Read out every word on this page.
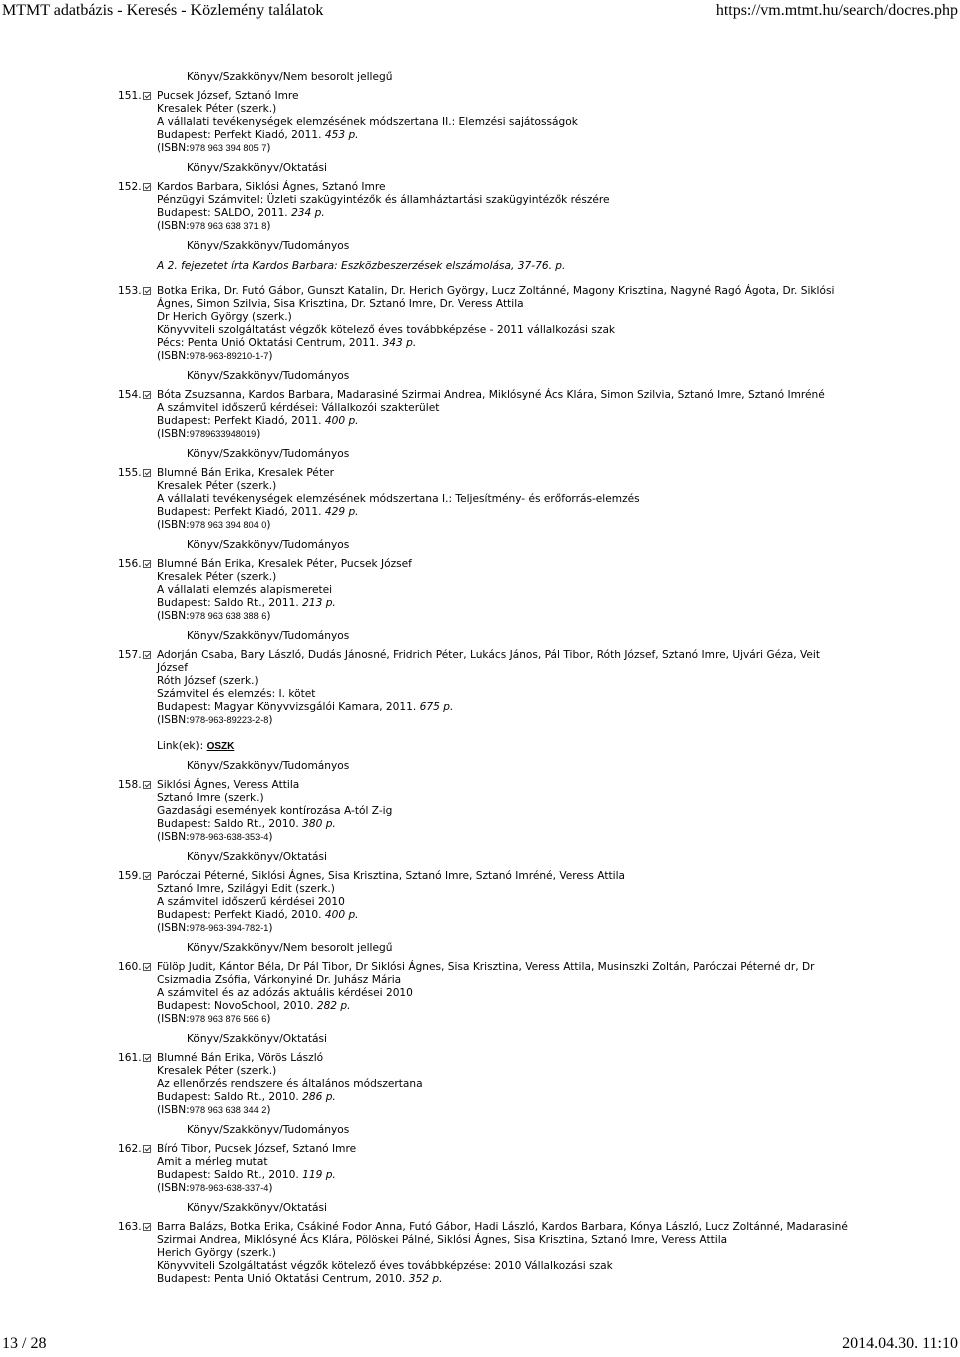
MTMT adatbázis - Keresés - Közlemény találatok	https://vm.mtmt.hu/search/docres.php
Könyv/Szakkönyv/Nem besorolt jellegű
151. Pucsek József, Sztanó Imre
Kresalek Péter (szerk.)
A vállalati tevékenységek elemzésének módszertana II.: Elemzési sajátosságok
Budapest: Perfekt Kiadó, 2011. 453 p.
(ISBN:978 963 394 805 7)
Könyv/Szakkönyv/Oktatási
152. Kardos Barbara, Siklósi Ágnes, Sztanó Imre
Pénzügyi Számvitel: Üzleti szakügyintézők és államháztartási szakügyintézők részére
Budapest: SALDO, 2011. 234 p.
(ISBN:978 963 638 371 8)
Könyv/Szakkönyv/Tudományos
A 2. fejezetet írta Kardos Barbara: Eszközbeszerzések elszámolása, 37-76. p.
153. Botka Erika, Dr. Futó Gábor, Gunszt Katalin, Dr. Herich György, Lucz Zoltánné, Magony Krisztina, Nagyné Ragó Ágota, Dr. Siklósi
Ágnes, Simon Szilvia, Sisa Krisztina, Dr. Sztanó Imre, Dr. Veress Attila
Dr Herich György (szerk.)
Könyvviteli szolgáltatást végzők kötelező éves továbbképzése - 2011 vállalkozási szak
Pécs: Penta Unió Oktatási Centrum, 2011. 343 p.
(ISBN:978-963-89210-1-7)
Könyv/Szakkönyv/Tudományos
154. Bóta Zsuzsanna, Kardos Barbara, Madarasiné Szirmai Andrea, Miklósyné Ács Klára, Simon Szilvia, Sztanó Imre, Sztanó Imréné
A számvitel időszerű kérdései: Vállalkozói szakterület
Budapest: Perfekt Kiadó, 2011. 400 p.
(ISBN:9789633948019)
Könyv/Szakkönyv/Tudományos
155. Blumné Bán Erika, Kresalek Péter
Kresalek Péter (szerk.)
A vállalati tevékenységek elemzésének módszertana I.: Teljesítmény- és erőforrás-elemzés
Budapest: Perfekt Kiadó, 2011. 429 p.
(ISBN:978 963 394 804 0)
Könyv/Szakkönyv/Tudományos
156. Blumné Bán Erika, Kresalek Péter, Pucsek József
Kresalek Péter (szerk.)
A vállalati elemzés alapismeretei
Budapest: Saldo Rt., 2011. 213 p.
(ISBN:978 963 638 388 6)
Könyv/Szakkönyv/Tudományos
157. Adorján Csaba, Bary László, Dudás Jánosné, Fridrich Péter, Lukács János, Pál Tibor, Róth József, Sztanó Imre, Ujvári Géza, Veit
József
Róth József (szerk.)
Számvitel és elemzés: I. kötet
Budapest: Magyar Könyvvizsgálói Kamara, 2011. 675 p.
(ISBN:978-963-89223-2-8)
Link(ek): OSZK
Könyv/Szakkönyv/Tudományos
158. Siklósi Ágnes, Veress Attila
Sztanó Imre (szerk.)
Gazdasági események kontírozása A-tól Z-ig
Budapest: Saldo Rt., 2010. 380 p.
(ISBN:978-963-638-353-4)
Könyv/Szakkönyv/Oktatási
159. Paróczai Péterné, Siklósi Ágnes, Sisa Krisztina, Sztanó Imre, Sztanó Imréné, Veress Attila
Sztanó Imre, Szilágyi Edit (szerk.)
A számvitel időszerű kérdései 2010
Budapest: Perfekt Kiadó, 2010. 400 p.
(ISBN:978-963-394-782-1)
Könyv/Szakkönyv/Nem besorolt jellegű
160. Fülöp Judit, Kántor Béla, Dr Pál Tibor, Dr Siklósi Ágnes, Sisa Krisztina, Veress Attila, Musinszki Zoltán, Paróczai Péterné dr, Dr
Csizmadia Zsófia, Várkonyiné Dr. Juhász Mária
A számvitel és az adózás aktuális kérdései 2010
Budapest: NovoSchool, 2010. 282 p.
(ISBN:978 963 876 566 6)
Könyv/Szakkönyv/Oktatási
161. Blumné Bán Erika, Vörös László
Kresalek Péter (szerk.)
Az ellenőrzés rendszere és általános módszertana
Budapest: Saldo Rt., 2010. 286 p.
(ISBN:978 963 638 344 2)
Könyv/Szakkönyv/Tudományos
162. Bíró Tibor, Pucsek József, Sztanó Imre
Amit a mérleg mutat
Budapest: Saldo Rt., 2010. 119 p.
(ISBN:978-963-638-337-4)
Könyv/Szakkönyv/Oktatási
163. Barra Balázs, Botka Erika, Csákiné Fodor Anna, Futó Gábor, Hadi László, Kardos Barbara, Kónya László, Lucz Zoltánné, Madarasiné
Szirmai Andrea, Miklósyné Ács Klára, Pölöskei Pálné, Siklósi Ágnes, Sisa Krisztina, Sztanó Imre, Veress Attila
Herich György (szerk.)
Könyvviteli Szolgáltatást végzők kötelező éves továbbképzése: 2010 Vállalkozási szak
Budapest: Penta Unió Oktatási Centrum, 2010. 352 p.
13 / 28	2014.04.30. 11:10
